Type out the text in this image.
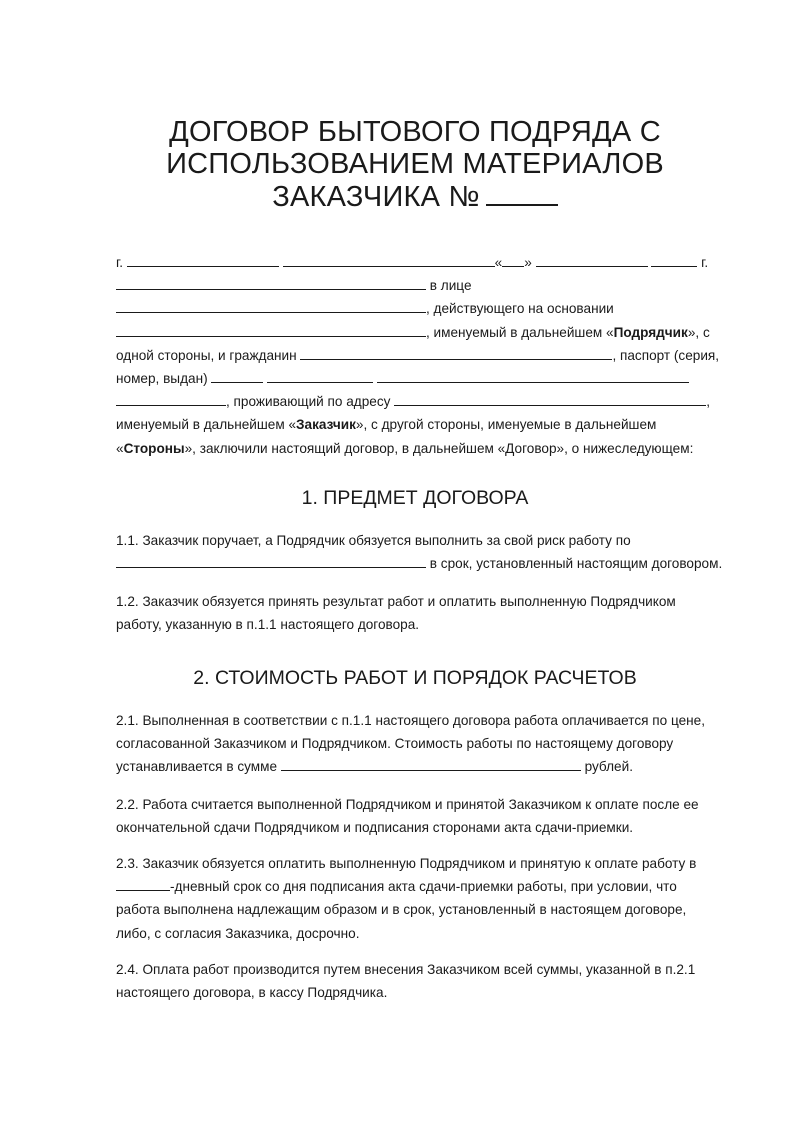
ДОГОВОР БЫТОВОГО ПОДРЯДА С
ИСПОЛЬЗОВАНИЕМ МАТЕРИАЛОВ
ЗАКАЗЧИКА №
г.	« »	г.
в лице
, действующего на основании
, именуемый в дальнейшем «Подрядчик», с
одной стороны, и гражданин	, паспорт (серия,
номер, выдан)
, проживающий по адресу	,
именуемый в дальнейшем «Заказчик», с другой стороны, именуемые в дальнейшем
«Стороны», заключили настоящий договор, в дальнейшем «Договор», о нижеследующем:
1. ПРЕДМЕТ ДОГОВОРА
1.1. Заказчик поручает, а Подрядчик обязуется выполнить за свой риск работу по
в срок, установленный настоящим договором.
1.2. Заказчик обязуется принять результат работ и оплатить выполненную Подрядчиком
работу, указанную в п.1.1 настоящего договора.
2. СТОИМОСТЬ РАБОТ И ПОРЯДОК РАСЧЕТОВ
2.1. Выполненная в соответствии с п.1.1 настоящего договора работа оплачивается по цене,
согласованной Заказчиком и Подрядчиком. Стоимость работы по настоящему договору
устанавливается в сумме	рублей.
2.2. Работа считается выполненной Подрядчиком и принятой Заказчиком к оплате после ее
окончательной сдачи Подрядчиком и подписания сторонами акта сдачи-приемки.
2.3. Заказчик обязуется оплатить выполненную Подрядчиком и принятую к оплате работу в
-дневный срок со дня подписания акта сдачи-приемки работы, при условии, что
работа выполнена надлежащим образом и в срок, установленный в настоящем договоре,
либо, с согласия Заказчика, досрочно.
2.4. Оплата работ производится путем внесения Заказчиком всей суммы, указанной в п.2.1
настоящего договора, в кассу Подрядчика.
